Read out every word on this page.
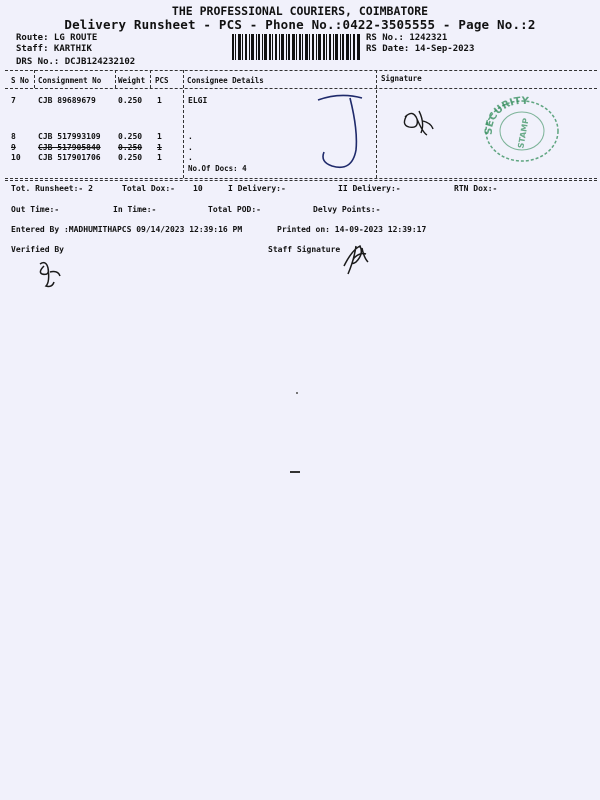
THE PROFESSIONAL COURIERS, COIMBATORE
Delivery Runsheet - PCS - Phone No.:0422-3505555 - Page No.:2
Route: LG ROUTE
Staff: KARTHIK
DRS No.: DCJB124232102
RS No.: 1242321
RS Date: 14-Sep-2023
S No Consignment No Weight PCS Consignee Details	Signature
7	CJB 89689679	0.250 1	ELGI
8	CJB 517993109 0.250 1	.
9	CJB 517905840 0.250 1	.
10 CJB 517901706 0.250 1	.
No.Of Docs: 4
SECURITY
STAMP
Tot. Runsheet:- 2	Total Dox:- 10	I Delivery:-	II Delivery:-	RTN Dox:-
Out Time:-	In Time:-	Total POD:-	Delvy Points:-
Entered By :MADHUMITHAPCS 09/14/2023 12:39:16 PM	Printed on: 14-09-2023 12:39:17
Verified By	Staff Signature
